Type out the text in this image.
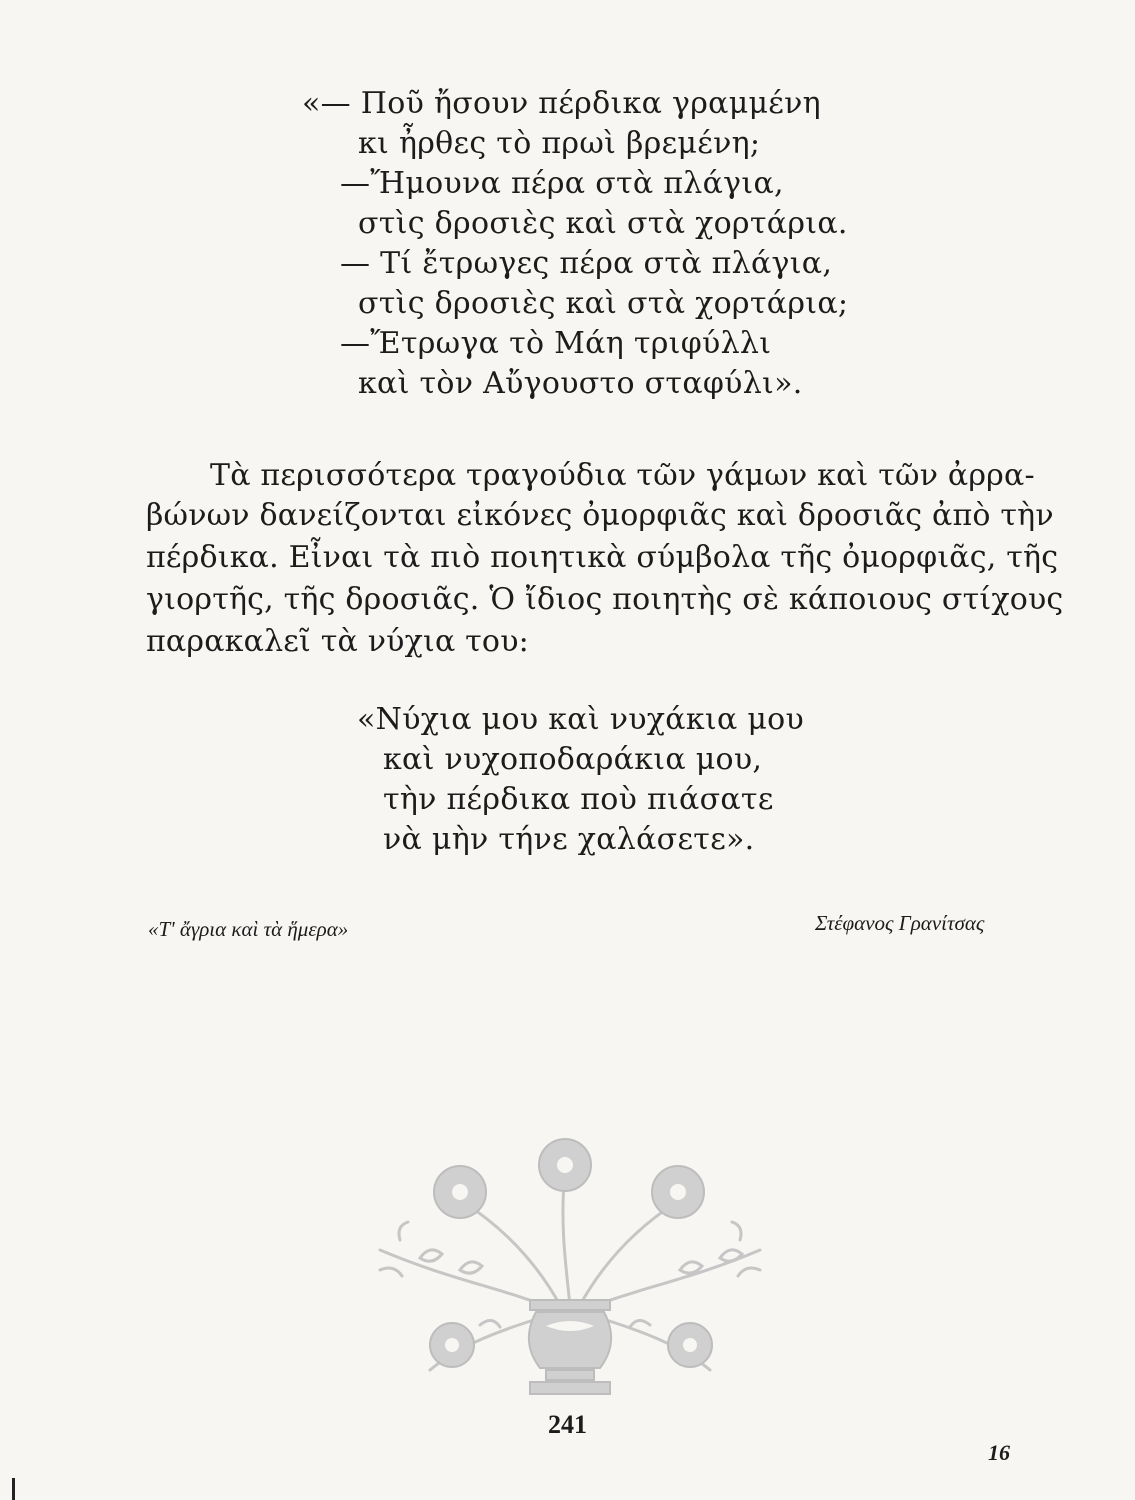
«— Ποῦ ἤσουν πέρδικα γραμμένη
κι ἦρθες τὸ πρωὶ βρεμένη;
—Ἤμουνα πέρα στὰ πλάγια,
στὶς δροσιὲς καὶ στὰ χορτάρια.
— Τί ἔτρωγες πέρα στὰ πλάγια,
στὶς δροσιὲς καὶ στὰ χορτάρια;
—Ἔτρωγα τὸ Μάη τριφύλλι
καὶ τὸν Αὔγουστο σταφύλι».
Τὰ περισσότερα τραγούδια τῶν γάμων καὶ τῶν ἀρρα-
βώνων δανείζονται εἰκόνες ὀμορφιᾶς καὶ δροσιᾶς ἀπὸ τὴν
πέρδικα. Εἶναι τὰ πιὸ ποιητικὰ σύμβολα τῆς ὀμορφιᾶς, τῆς
γιορτῆς, τῆς δροσιᾶς. Ὁ ἴδιος ποιητὴς σὲ κάποιους στίχους
παρακαλεῖ τὰ νύχια του:
«Νύχια μου καὶ νυχάκια μου
καὶ νυχοποδαράκια μου,
τὴν πέρδικα ποὺ πιάσατε
νὰ μὴν τήνε χαλάσετε».
«Τ' ἄγρια καὶ τὰ ἥμερα»	Στέφανος Γρανίτσας
241
16
